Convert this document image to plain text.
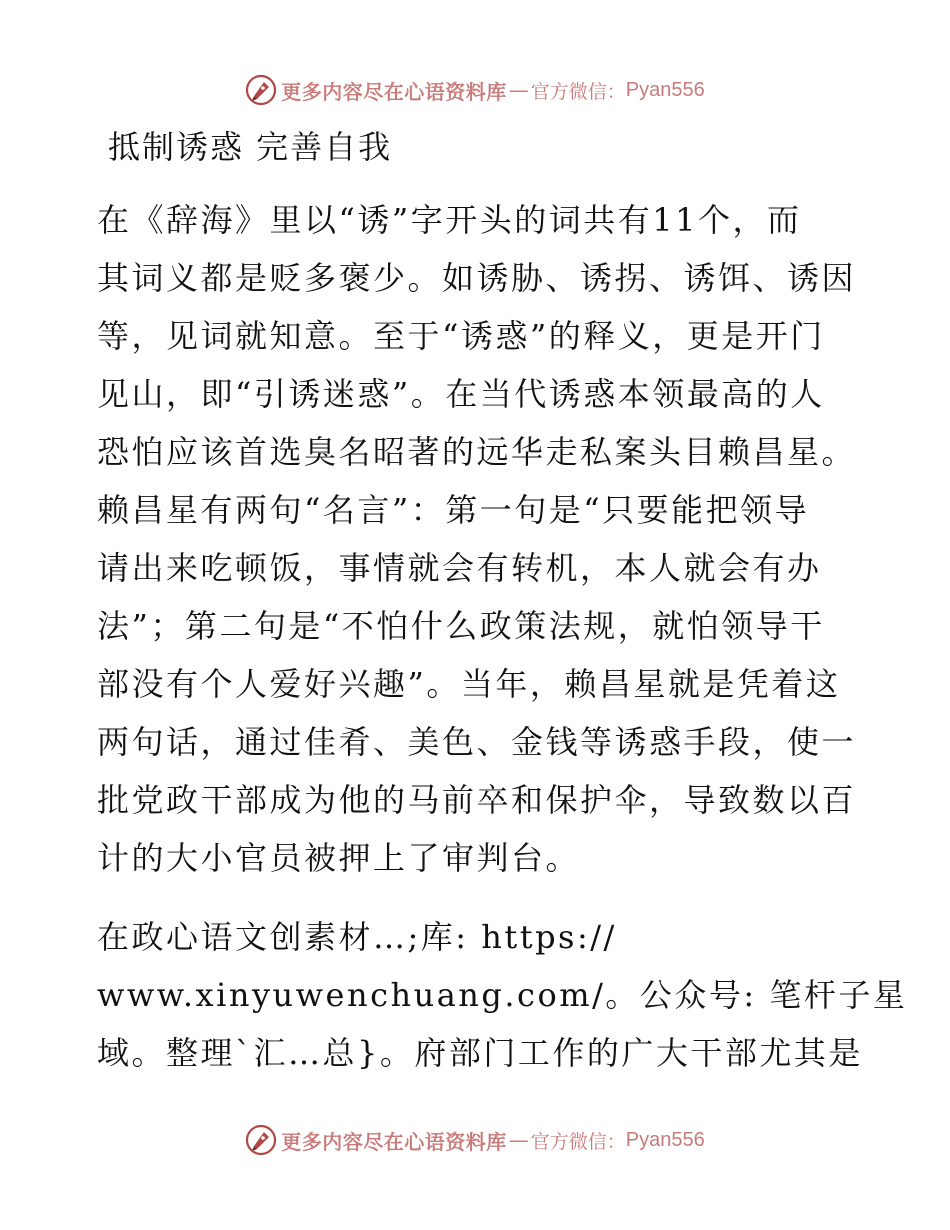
更多内容尽在心语资料库 — 官方微信： Pyan556
抵制诱惑 完善自我
在《辞海》里以“诱”字开头的词共有11个，而
其词义都是贬多褒少。如诱胁、诱拐、诱饵、诱因
等，见词就知意。至于“诱惑”的释义，更是开门
见山，即“引诱迷惑”。在当代诱惑本领最高的人
恐怕应该首选臭名昭著的远华走私案头目赖昌星。
赖昌星有两句“名言”：第一句是“只要能把领导
请出来吃顿饭，事情就会有转机，本人就会有办
法”；第二句是“不怕什么政策法规，就怕领导干
部没有个人爱好兴趣”。当年，赖昌星就是凭着这
两句话，通过佳肴、美色、金钱等诱惑手段，使一
批党政干部成为他的马前卒和保护伞，导致数以百
计的大小官员被押上了审判台。
在政心语文创素材…;库: https://
www.xinyuwenchuang.com/。公众号: 笔杆子星
域。整理`汇…总}。府部门工作的广大干部尤其是
更多内容尽在心语资料库 — 官方微信： Pyan556
